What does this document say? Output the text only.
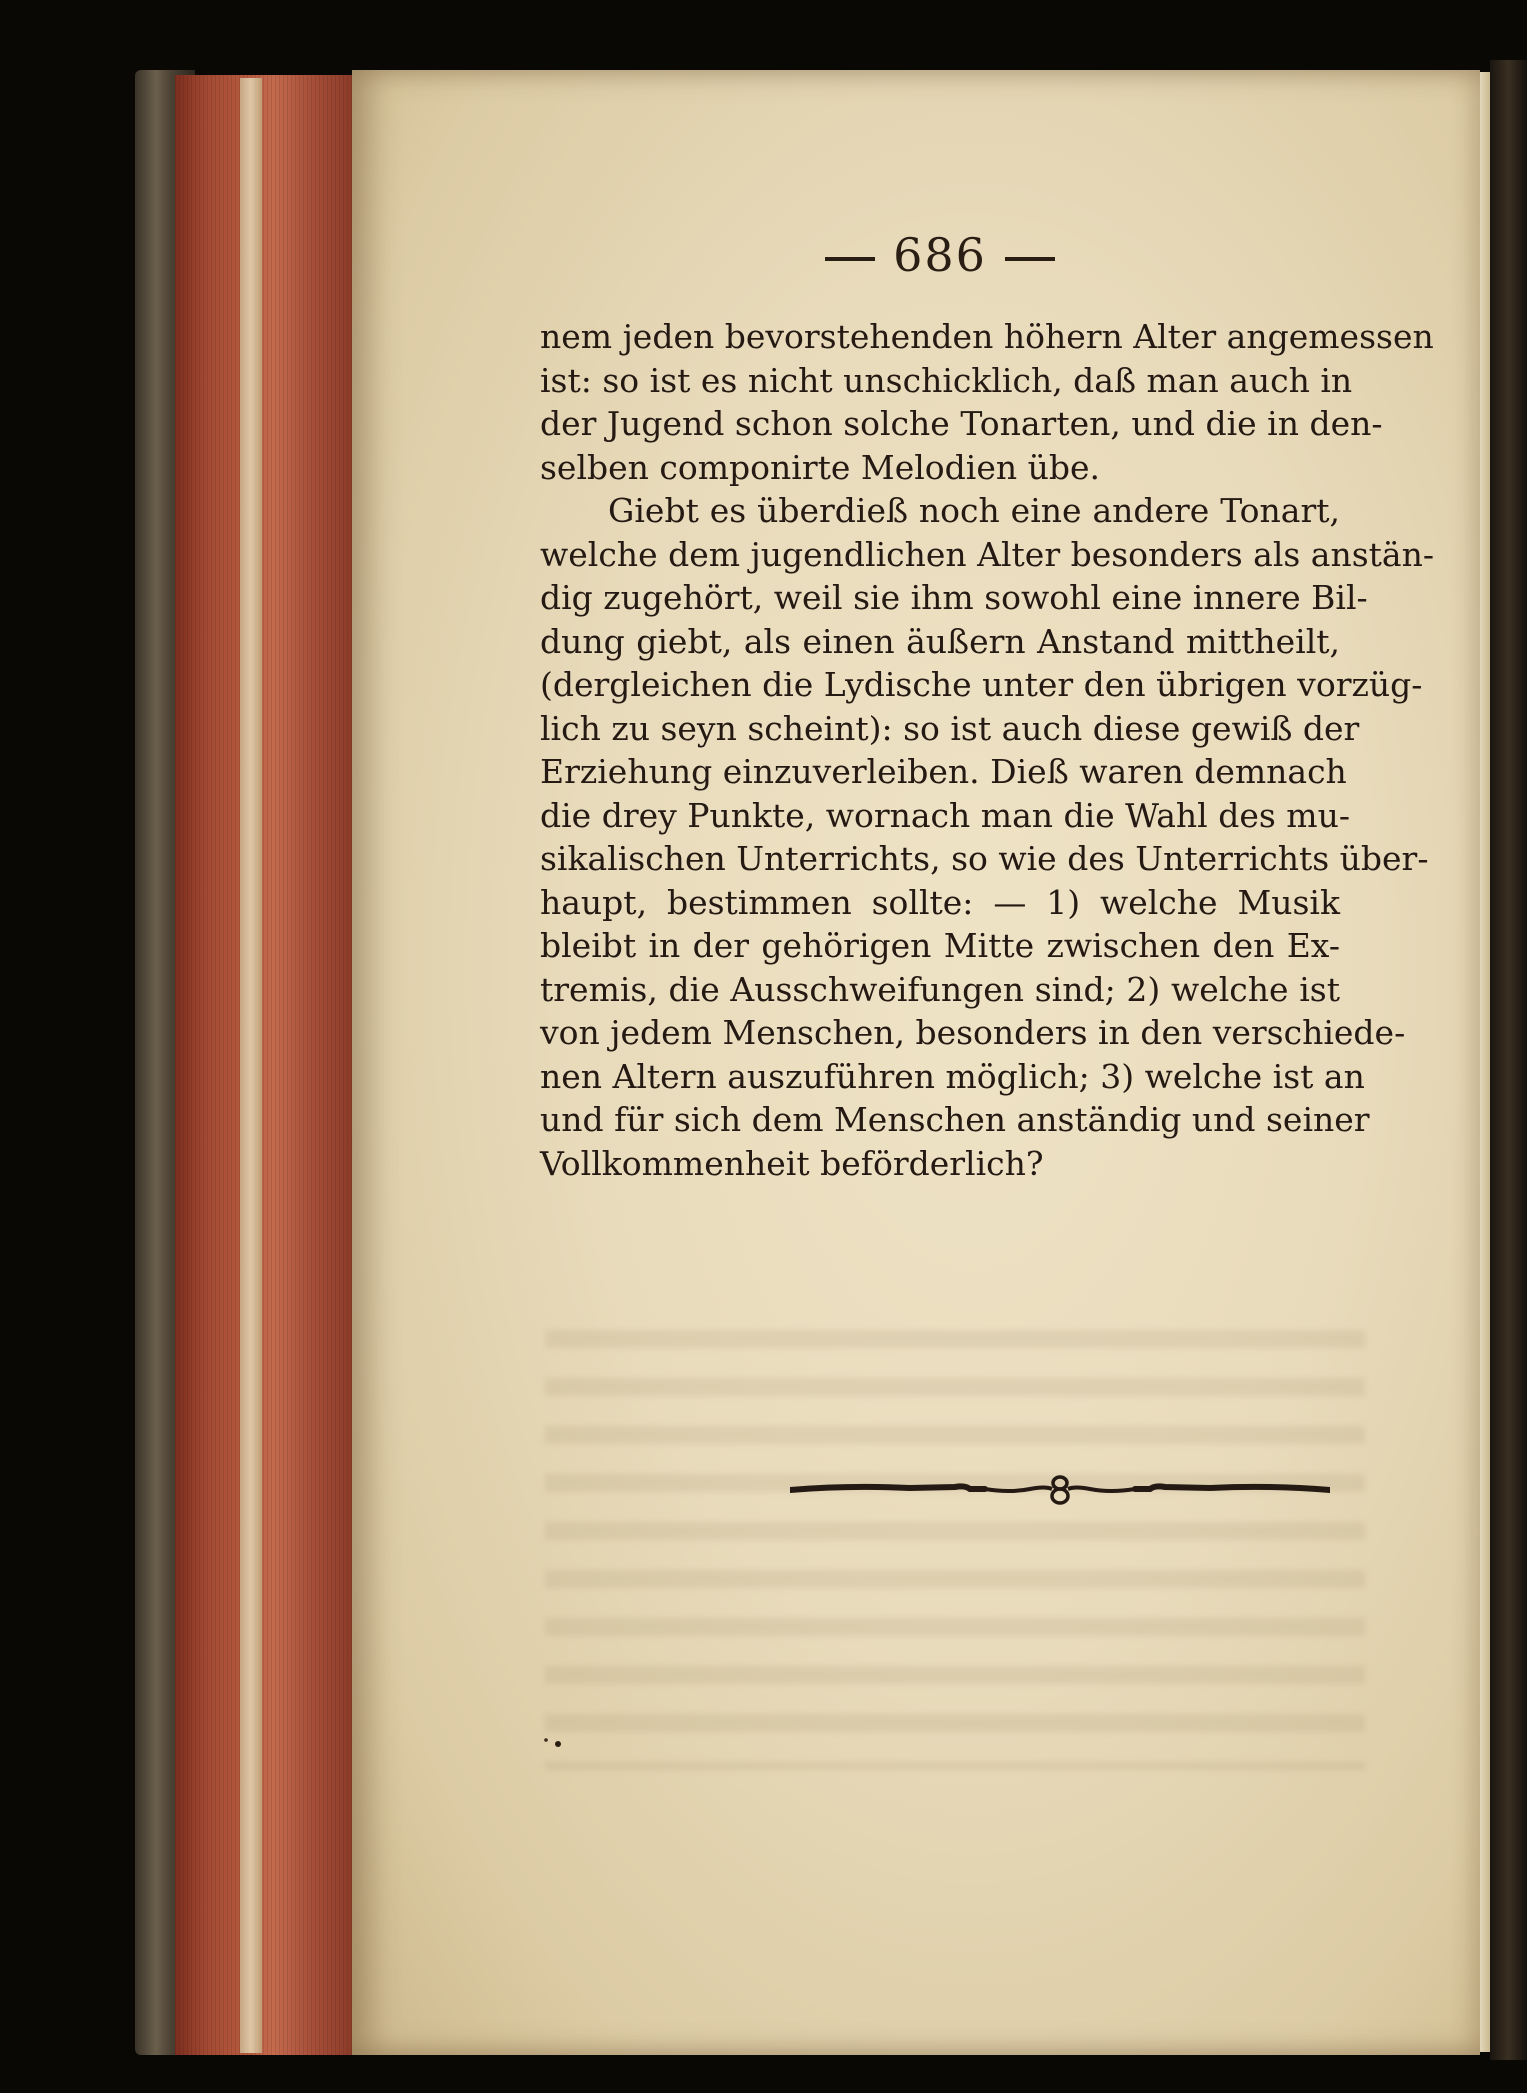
686
nem jeden bevorstehenden höhern Alter angemessen
ist: so ist es nicht unschicklich, daß man auch in
der Jugend schon solche Tonarten, und die in den-
selben componirte Melodien übe.
Giebt es überdieß noch eine andere Tonart,
welche dem jugendlichen Alter besonders als anstän-
dig zugehört, weil sie ihm sowohl eine innere Bil-
dung giebt, als einen äußern Anstand mittheilt,
(dergleichen die Lydische unter den übrigen vorzüg-
lich zu seyn scheint): so ist auch diese gewiß der
Erziehung einzuverleiben. Dieß waren demnach
die drey Punkte, wornach man die Wahl des mu-
sikalischen Unterrichts, so wie des Unterrichts über-
haupt, bestimmen sollte: — 1) welche Musik
bleibt in der gehörigen Mitte zwischen den Ex-
tremis, die Ausschweifungen sind; 2) welche ist
von jedem Menschen, besonders in den verschiede-
nen Altern auszuführen möglich; 3) welche ist an
und für sich dem Menschen anständig und seiner
Vollkommenheit beförderlich?
